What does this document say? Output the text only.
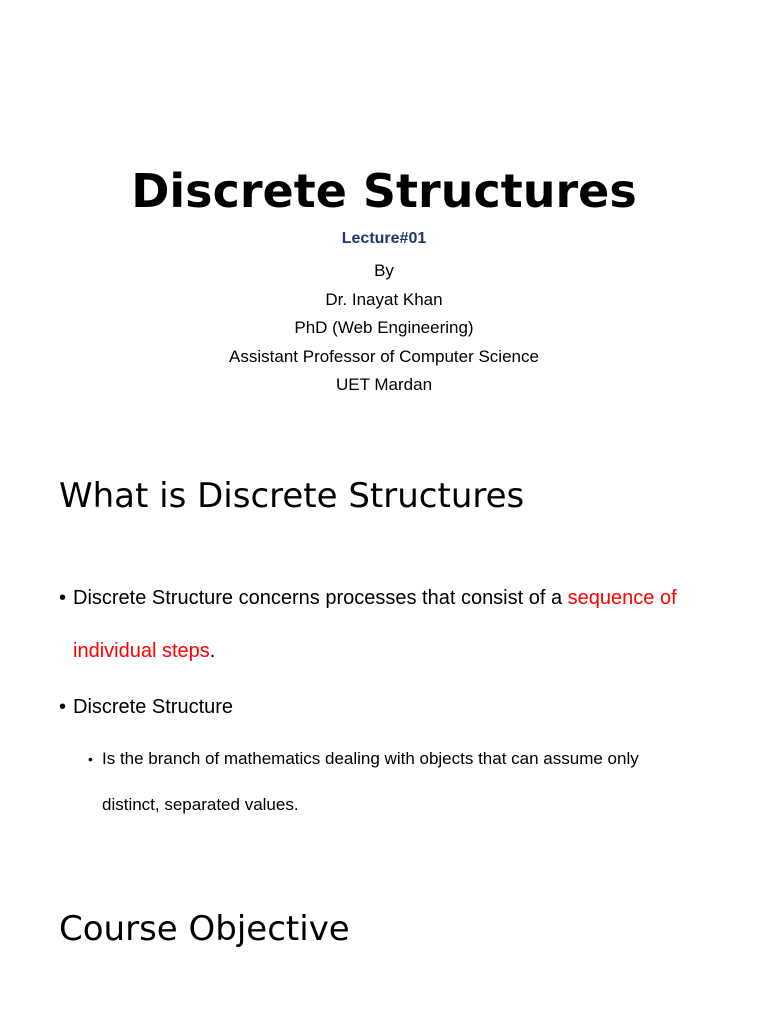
Discrete Structures
Lecture#01
By
Dr. Inayat Khan
PhD (Web Engineering)
Assistant Professor of Computer Science
UET Mardan
What is Discrete Structures
• Discrete Structure concerns processes that consist of a sequence of individual steps.
• Discrete Structure
• Is the branch of mathematics dealing with objects that can assume only distinct, separated values.
Course Objective
